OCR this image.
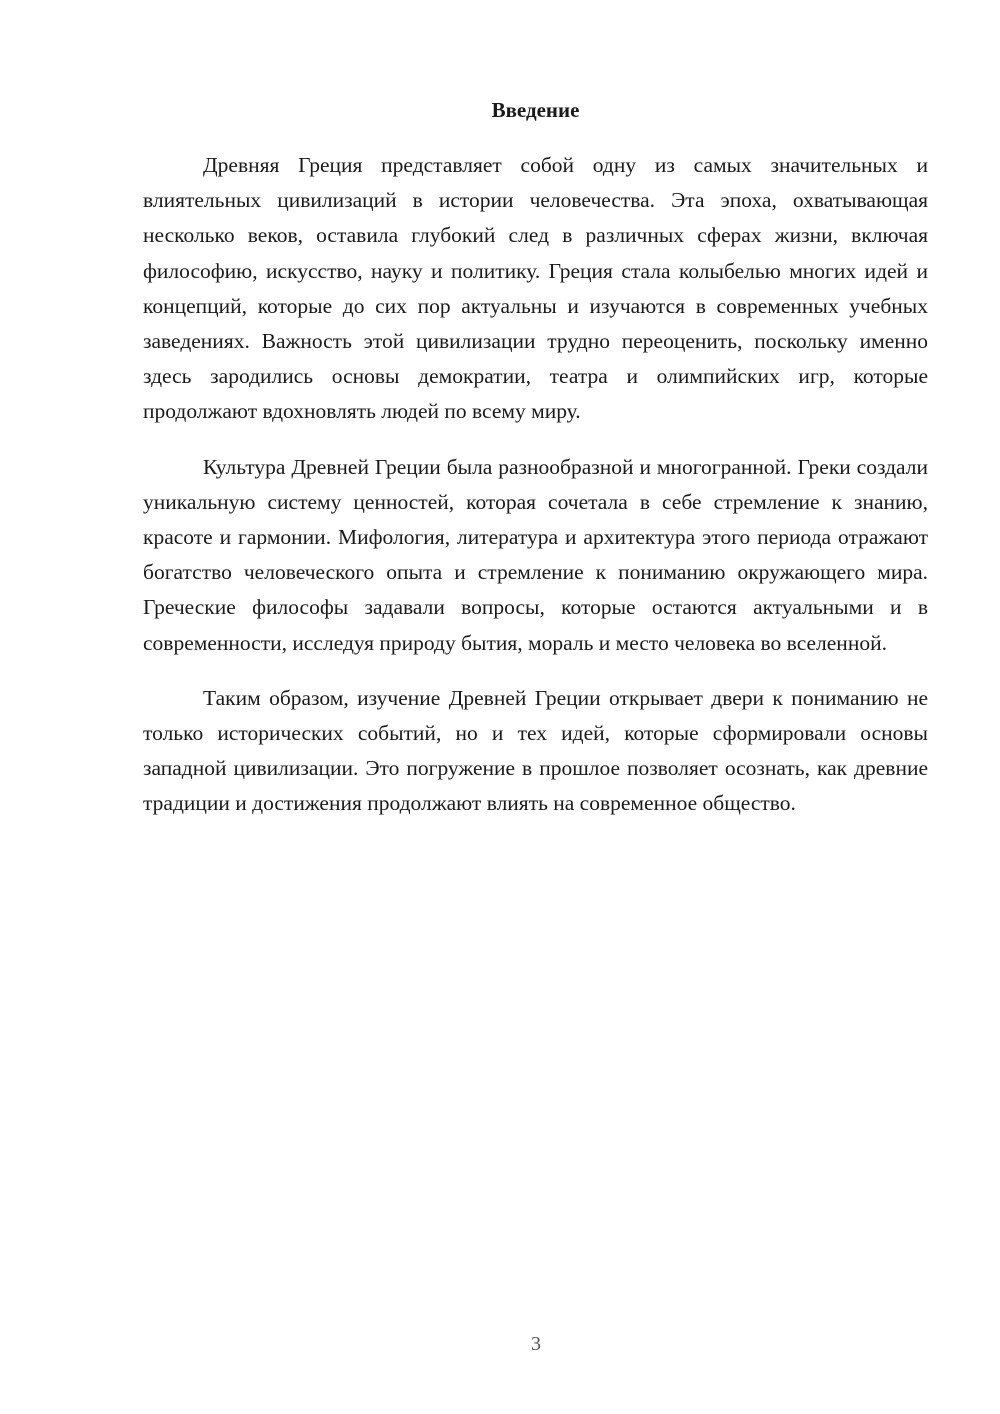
Введение

Древняя Греция представляет собой одну из самых значительных и влиятельных цивилизаций в истории человечества. Эта эпоха, охватывающая несколько веков, оставила глубокий след в различных сферах жизни, включая философию, искусство, науку и политику. Греция стала колыбелью многих идей и концепций, которые до сих пор актуальны и изучаются в современных учебных заведениях. Важность этой цивилизации трудно переоценить, поскольку именно здесь зародились основы демократии, театра и олимпийских игр, которые продолжают вдохновлять людей по всему миру.

Культура Древней Греции была разнообразной и многогранной. Греки создали уникальную систему ценностей, которая сочетала в себе стремление к знанию, красоте и гармонии. Мифология, литература и архитектура этого периода отражают богатство человеческого опыта и стремление к пониманию окружающего мира. Греческие философы задавали вопросы, которые остаются актуальными и в современности, исследуя природу бытия, мораль и место человека во вселенной.

Таким образом, изучение Древней Греции открывает двери к пониманию не только исторических событий, но и тех идей, которые сформировали основы западной цивилизации. Это погружение в прошлое позволяет осознать, как древние традиции и достижения продолжают влиять на современное общество.

3
